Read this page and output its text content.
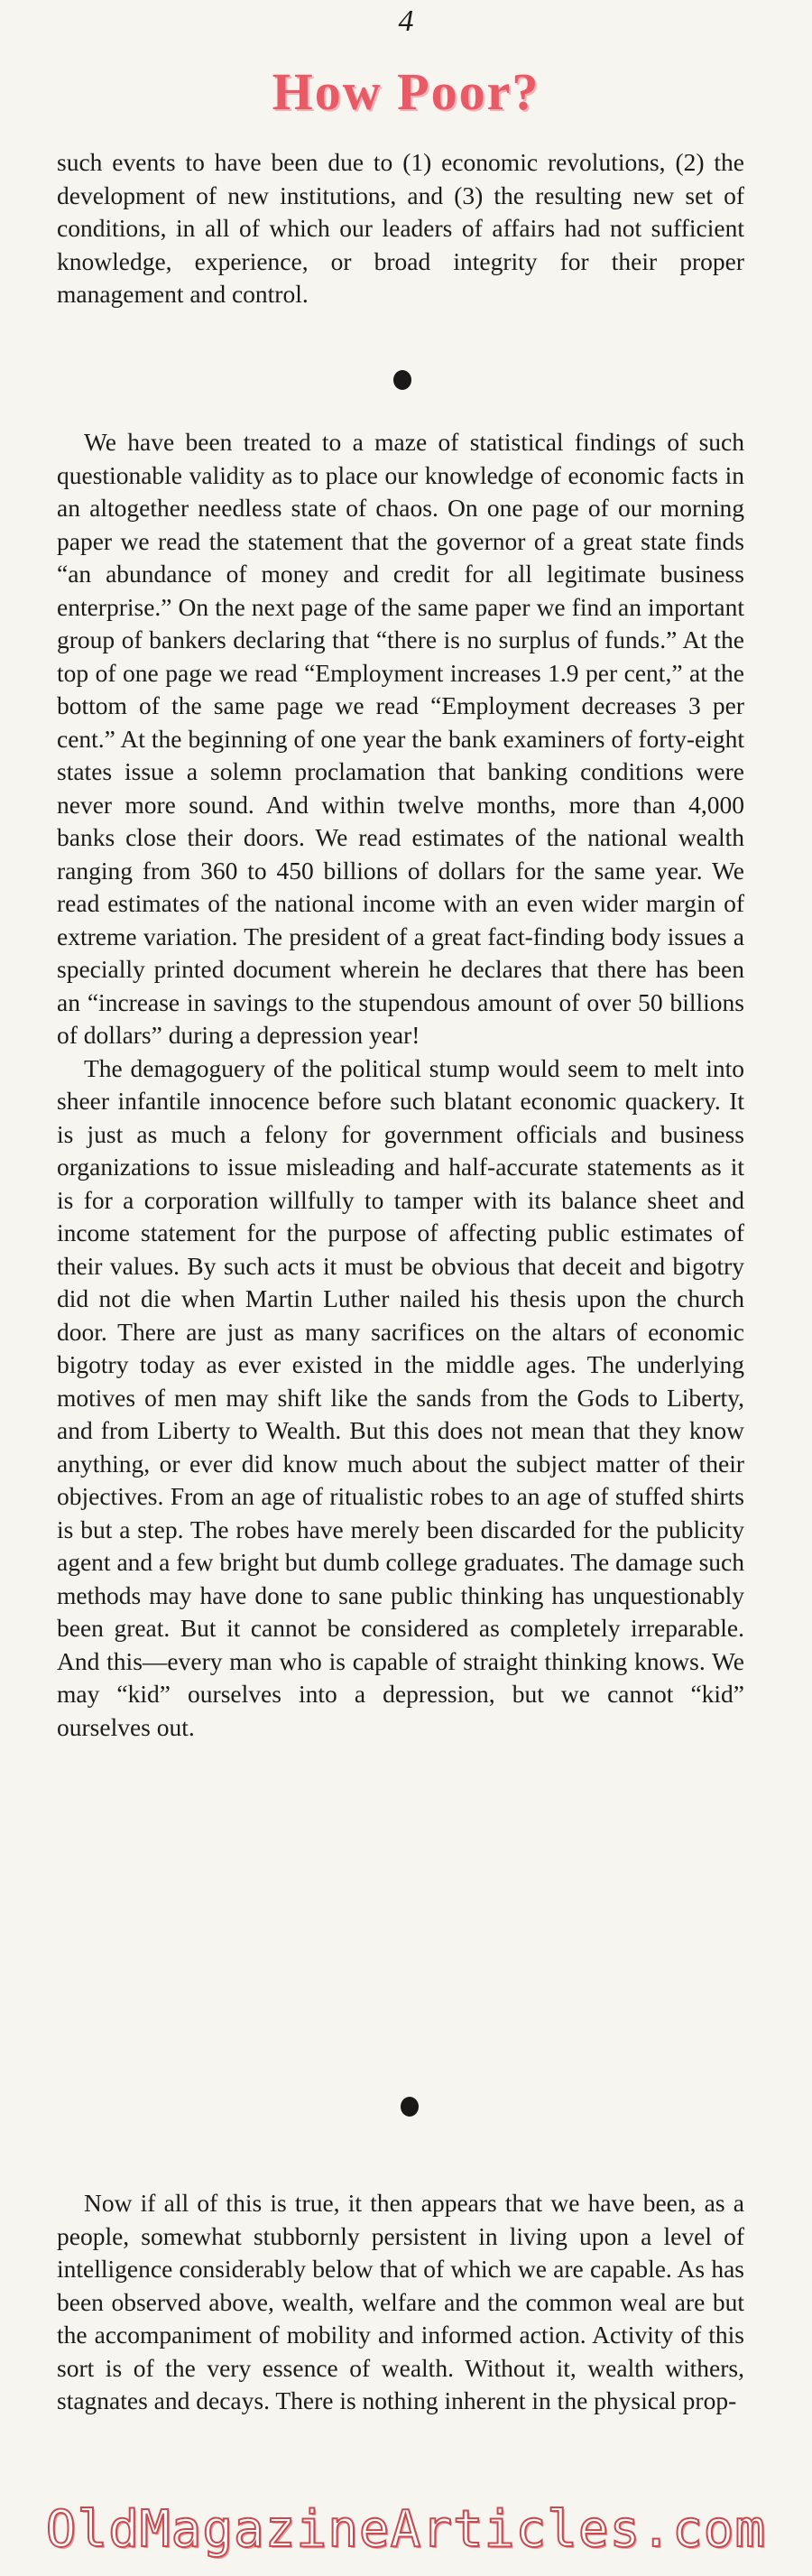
4
How Poor?

such events to have been due to (1) economic revolutions, (2) the development of new institutions, and (3) the resulting new set of conditions, in all of which our leaders of affairs had not sufficient knowledge, experience, or broad integrity for their proper management and control.

We have been treated to a maze of statistical findings of such questionable validity as to place our knowledge of economic facts in an altogether needless state of chaos. On one page of our morning paper we read the statement that the governor of a great state finds “an abundance of money and credit for all legitimate business enterprise.” On the next page of the same paper we find an important group of bankers declaring that “there is no surplus of funds.” At the top of one page we read “Employment increases 1.9 per cent,” at the bottom of the same page we read “Employment decreases 3 per cent.” At the beginning of one year the bank examiners of forty-eight states issue a solemn proclamation that banking conditions were never more sound. And within twelve months, more than 4,000 banks close their doors. We read estimates of the national wealth ranging from 360 to 450 billions of dollars for the same year. We read estimates of the national income with an even wider margin of extreme variation. The president of a great fact-finding body issues a specially printed document wherein he declares that there has been an “increase in savings to the stupendous amount of over 50 billions of dollars” during a depression year!

The demagoguery of the political stump would seem to melt into sheer infantile innocence before such blatant economic quackery. It is just as much a felony for government officials and business organizations to issue misleading and half-accurate statements as it is for a corporation willfully to tamper with its balance sheet and income statement for the purpose of affecting public estimates of their values. By such acts it must be obvious that deceit and bigotry did not die when Martin Luther nailed his thesis upon the church door. There are just as many sacrifices on the altars of economic bigotry today as ever existed in the middle ages. The underlying motives of men may shift like the sands from the Gods to Liberty, and from Liberty to Wealth. But this does not mean that they know anything, or ever did know much about the subject matter of their objectives. From an age of ritualistic robes to an age of stuffed shirts is but a step. The robes have merely been discarded for the publicity agent and a few bright but dumb college graduates. The damage such methods may have done to sane public thinking has unquestionably been great. But it cannot be considered as completely irreparable. And this—every man who is capable of straight thinking knows. We may “kid” ourselves into a depression, but we cannot “kid” ourselves out.

Now if all of this is true, it then appears that we have been, as a people, somewhat stubbornly persistent in living upon a level of intelligence considerably below that of which we are capable. As has been observed above, wealth, welfare and the common weal are but the accompaniment of mobility and informed action. Activity of this sort is of the very essence of wealth. Without it, wealth withers, stagnates and decays. There is nothing inherent in the physical prop-

OldMagazineArticles.com
